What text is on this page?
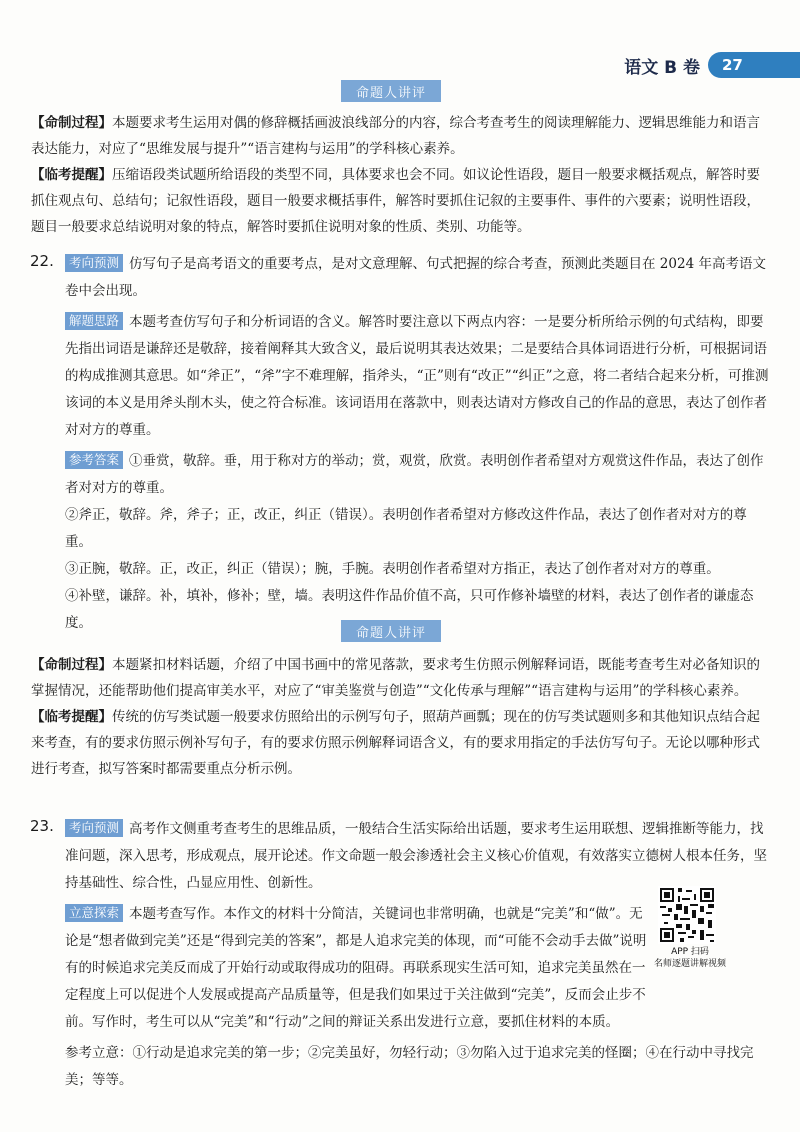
语文 B 卷	27
命题人讲评

【命制过程】本题要求考生运用对偶的修辞概括画波浪线部分的内容，综合考查考生的阅读理解能力、逻辑思维能力和语言表达能力，对应了“思维发展与提升”“语言建构与运用”的学科核心素养。

【临考提醒】压缩语段类试题所给语段的类型不同，具体要求也会不同。如议论性语段，题目一般要求概括观点，解答时要抓住观点句、总结句；记叙性语段，题目一般要求概括事件，解答时要抓住记叙的主要事件、事件的六要素；说明性语段，题目一般要求总结说明对象的特点，解答时要抓住说明对象的性质、类别、功能等。

22.	考向预测 仿写句子是高考语文的重要考点，是对文意理解、句式把握的综合考查，预测此类题目在 2024 年高考语文卷中会出现。

解题思路 本题考查仿写句子和分析词语的含义。解答时要注意以下两点内容：一是要分析所给示例的句式结构，即要先指出词语是谦辞还是敬辞，接着阐释其大致含义，最后说明其表达效果；二是要结合具体词语进行分析，可根据词语的构成推测其意思。如“斧正”，“斧”字不难理解，指斧头，“正”则有“改正”“纠正”之意，将二者结合起来分析，可推测该词的本义是用斧头削木头，使之符合标准。该词语用在落款中，则表达请对方修改自己的作品的意思，表达了创作者对对方的尊重。

参考答案 ①垂赏，敬辞。垂，用于称对方的举动；赏，观赏，欣赏。表明创作者希望对方观赏这件作品，表达了创作者对对方的尊重。

②斧正，敬辞。斧，斧子；正，改正，纠正（错误）。表明创作者希望对方修改这件作品，表达了创作者对对方的尊重。

③正腕，敬辞。正，改正，纠正（错误）；腕，手腕。表明创作者希望对方指正，表达了创作者对对方的尊重。

④补壁，谦辞。补，填补，修补；壁，墙。表明这件作品价值不高，只可作修补墙壁的材料，表达了创作者的谦虚态度。

命题人讲评

【命制过程】本题紧扣材料话题，介绍了中国书画中的常见落款，要求考生仿照示例解释词语，既能考查考生对必备知识的掌握情况，还能帮助他们提高审美水平，对应了“审美鉴赏与创造”“文化传承与理解”“语言建构与运用”的学科核心素养。

【临考提醒】传统的仿写类试题一般要求仿照给出的示例写句子，照葫芦画瓢；现在的仿写类试题则多和其他知识点结合起来考查，有的要求仿照示例补写句子，有的要求仿照示例解释词语含义，有的要求用指定的手法仿写句子。无论以哪种形式进行考查，拟写答案时都需要重点分析示例。

23.	考向预测 高考作文侧重考查考生的思维品质，一般结合生活实际给出话题，要求考生运用联想、逻辑推断等能力，找准问题，深入思考，形成观点，展开论述。作文命题一般会渗透社会主义核心价值观，有效落实立德树人根本任务，坚持基础性、综合性，凸显应用性、创新性。

立意探索 本题考查写作。本作文的材料十分简洁，关键词也非常明确，也就是“完美”和“做”。无论是“想者做到完美”还是“得到完美的答案”，都是人追求完美的体现，而“可能不会动手去做”说明有的时候追求完美反而成了开始行动或取得成功的阻碍。再联系现实生活可知，追求完美虽然在一定程度上可以促进个人发展或提高产品质量等，但是我们如果过于关注做到“完美”，反而会止步不前。写作时，考生可以从“完美”和“行动”之间的辩证关系出发进行立意，要抓住材料的本质。

参考立意：①行动是追求完美的第一步；②完美虽好，勿轻行动；③勿陷入过于追求完美的怪圈；④在行动中寻找完美；等等。

APP 扫码
名师逐题讲解视频
